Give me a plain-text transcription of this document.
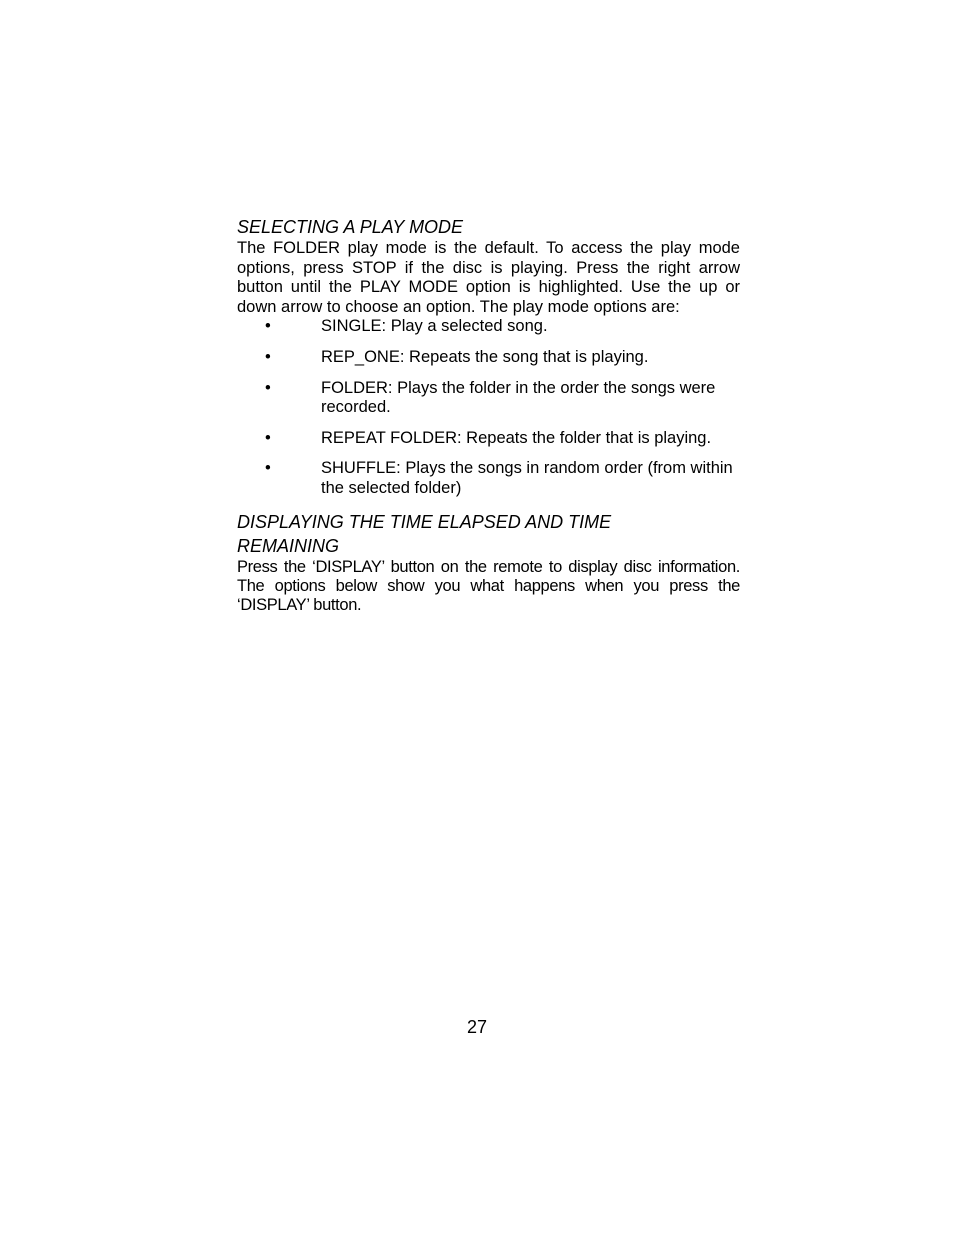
SELECTING A PLAY MODE

The FOLDER play mode is the default. To access the play mode options, press STOP if the disc is playing. Press the right arrow button until the PLAY MODE option is highlighted. Use the up or down arrow to choose an option. The play mode options are:

•	SINGLE: Play a selected song.
•	REP_ONE: Repeats the song that is playing.
•	FOLDER: Plays the folder in the order the songs were recorded.
•	REPEAT FOLDER: Repeats the folder that is playing.
•	SHUFFLE: Plays the songs in random order (from within the selected folder)
DISPLAYING THE TIME ELAPSED AND TIME
REMAINING

Press the ‘DISPLAY’ button on the remote to display disc information. The options below show you what happens when you press the ‘DISPLAY’ button.

27
